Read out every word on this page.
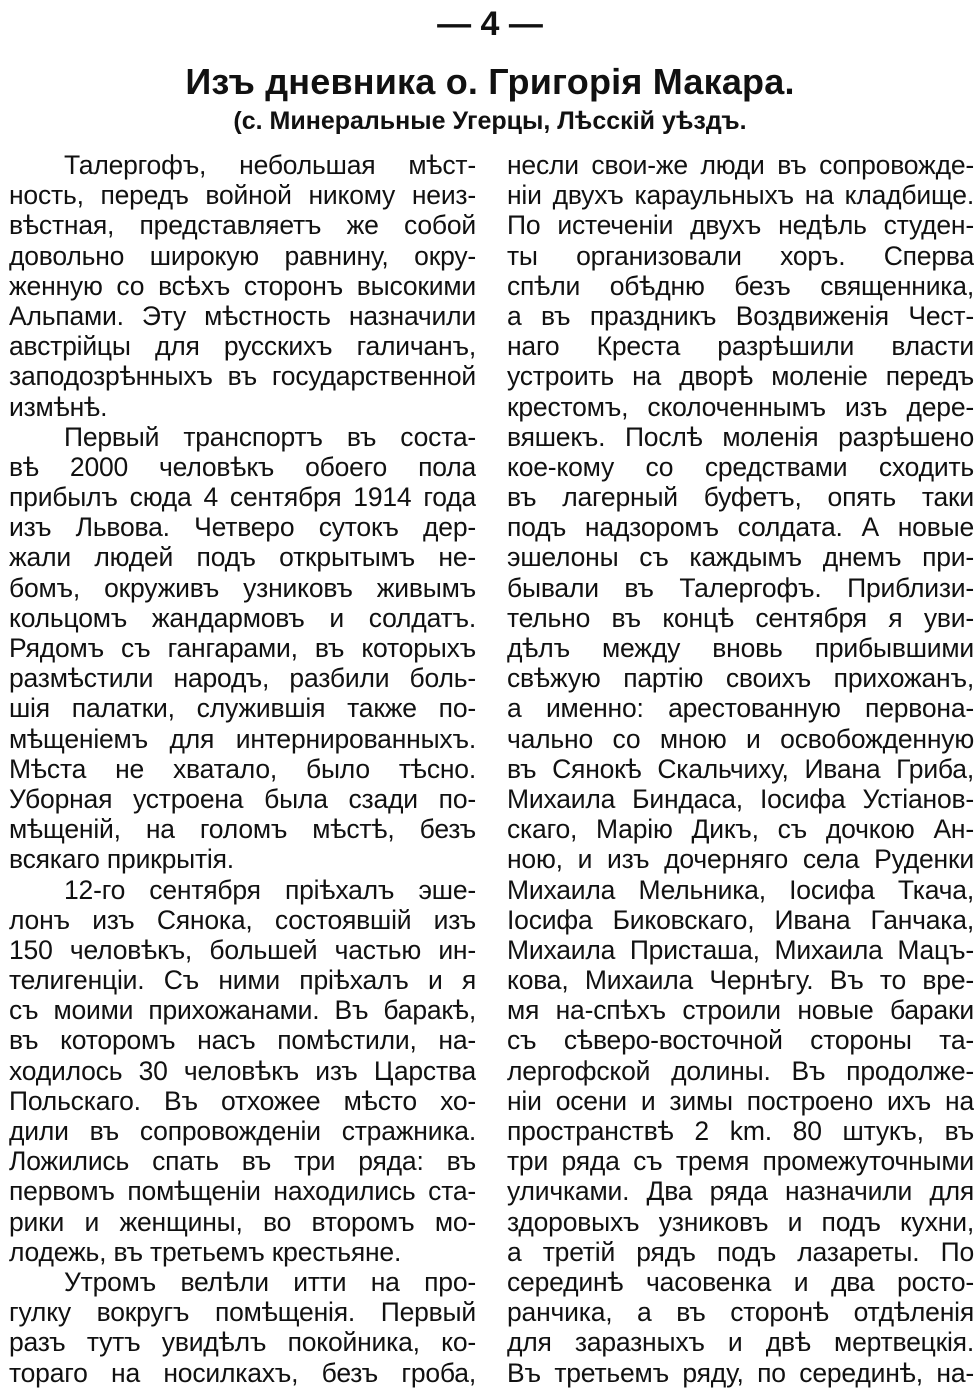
— 4 —
Изъ дневника о. Григорія Макара.
(с. Минеральные Угерцы, Лѣсскій уѣздъ.
Талергофъ, небольшая мѣст-
ность, передъ войной никому неиз-
вѣстная, представляетъ же собой
довольно широкую равнину, окру-
женную со всѣхъ сторонъ высокими
Альпами. Эту мѣстность назначили
австрійцы для русскихъ галичанъ,
заподозрѣнныхъ въ государственной
измѣнѣ.
Первый транспортъ въ соста-
вѣ 2000 человѣкъ обоего пола
прибылъ сюда 4 сентября 1914 года
изъ Львова. Четверо сутокъ дер-
жали людей подъ открытымъ не-
бомъ, окруживъ узниковъ живымъ
кольцомъ жандармовъ и солдатъ.
Рядомъ съ гангарами, въ которыхъ
размѣстили народъ, разбили боль-
шія палатки, служившія также по-
мѣщеніемъ для интернированныхъ.
Мѣста не хватало, было тѣсно.
Уборная устроена была сзади по-
мѣщеній, на голомъ мѣстѣ, безъ
всякаго прикрытія.
12-го сентября пріѣхалъ эше-
лонъ изъ Сянока, состоявшій изъ
150 человѣкъ, большей частью ин-
телигенціи. Съ ними пріѣхалъ и я
съ моими прихожанами. Въ баракѣ,
въ которомъ насъ помѣстили, на-
ходилось 30 человѣкъ изъ Царства
Польскаго. Въ отхожее мѣсто хо-
дили въ сопровожденіи стражника.
Ложились спать въ три ряда: въ
первомъ помѣщеніи находились ста-
рики и женщины, во второмъ мо-
лодежь, въ третьемъ крестьяне.
Утромъ велѣли итти на про-
гулку вокругъ помѣщенія. Первый
разъ тутъ увидѣлъ покойника, ко-
тораго на носилкахъ, безъ гроба,
несли свои-же люди въ сопровожде-
ніи двухъ караульныхъ на кладбище.
По истеченіи двухъ недѣль студен-
ты организовали хоръ. Сперва
спѣли обѣдню безъ священника,
а въ праздникъ Воздвиженія Чест-
наго Креста разрѣшили власти
устроить на дворѣ моленіе передъ
крестомъ, сколоченнымъ изъ дере-
вяшекъ. Послѣ моленія разрѣшено
кое-кому со средствами сходить
въ лагерный буфетъ, опять таки
подъ надзоромъ солдата. А новые
эшелоны съ каждымъ днемъ при-
бывали въ Талергофъ. Приблизи-
тельно въ концѣ сентября я уви-
дѣлъ между вновь прибывшими
свѣжую партію своихъ прихожанъ,
а именно: арестованную первона-
чально со мною и освобожденную
въ Сянокѣ Скальчиху, Ивана Гриба,
Михаила Биндаса, Іосифа Устіанов-
скаго, Марію Дикъ, съ дочкою Ан-
ною, и изъ дочерняго села Руденки
Михаила Мельника, Іосифа Ткача,
Іосифа Биковскаго, Ивана Ганчака,
Михаила Присташа, Михаила Мацъ-
кова, Михаила Чернѣгу. Въ то вре-
мя на-спѣхъ строили новые бараки
съ сѣверо-восточной стороны та-
лергофской долины. Въ продолже-
ніи осени и зимы построено ихъ на
пространствѣ 2 km. 80 штукъ, въ
три ряда съ тремя промежуточными
уличками. Два ряда назначили для
здоровыхъ узниковъ и подъ кухни,
а третій рядъ подъ лазареты. По
серединѣ часовенка и два росто-
ранчика, а въ сторонѣ отдѣленія
для заразныхъ и двѣ мертвецкія.
Въ третьемъ ряду, по серединѣ, на-
